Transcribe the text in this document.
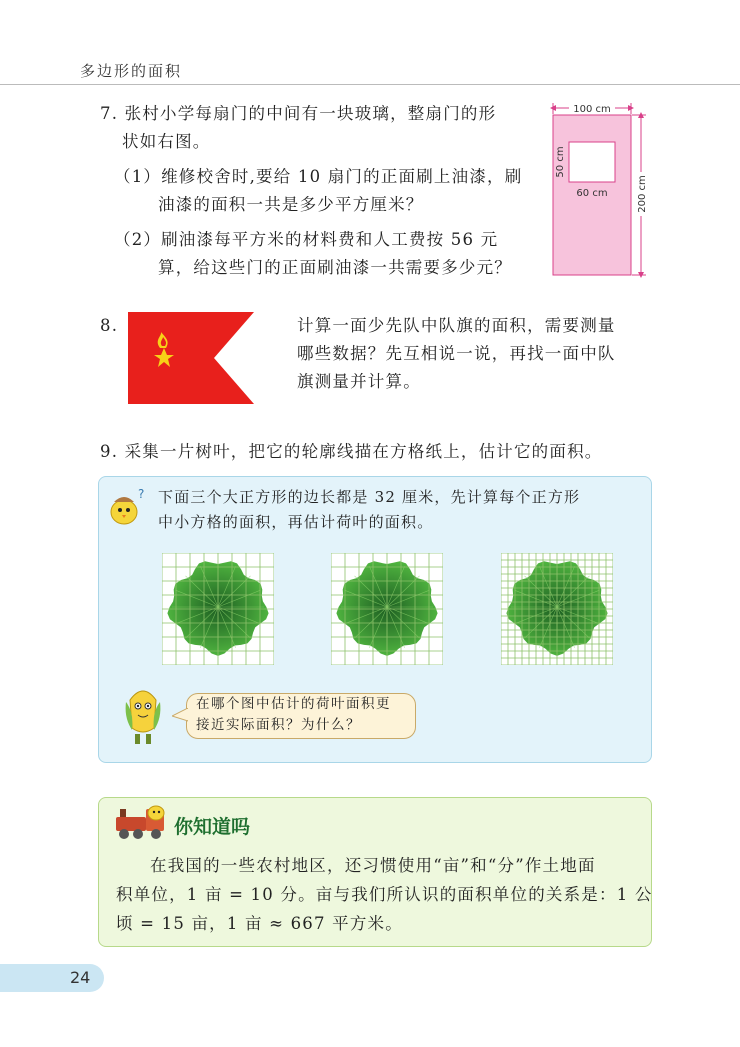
多边形的面积
7. 张村小学每扇门的中间有一块玻璃，整扇门的形
状如右图。
（1）维修校舍时,要给 10 扇门的正面刷上油漆，刷
油漆的面积一共是多少平方厘米？
（2）刷油漆每平方米的材料费和人工费按 56 元
算，给这些门的正面刷油漆一共需要多少元？
100 cm
200 cm
60 cm
50 cm
8.	计算一面少先队中队旗的面积，需要测量
哪些数据？先互相说一说，再找一面中队
旗测量并计算。
9. 采集一片树叶，把它的轮廓线描在方格纸上，估计它的面积。
? 下面三个大正方形的边长都是 32 厘米，先计算每个正方形
中小方格的面积，再估计荷叶的面积。
在哪个图中估计的荷叶面积更
接近实际面积？为什么？
你知道吗
在我国的一些农村地区，还习惯使用“亩”和“分”作土地面
积单位，1 亩 = 10 分。亩与我们所认识的面积单位的关系是：1 公
顷 = 15 亩，1 亩 ≈ 667 平方米。
24
